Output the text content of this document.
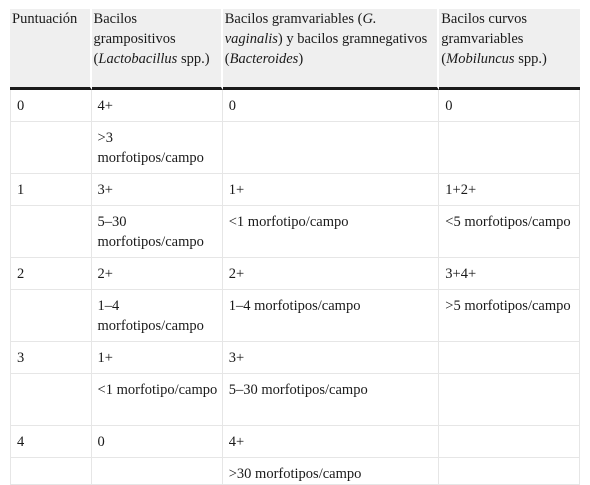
Puntuación	Bacilos grampositivos (Lactobacillus spp.)	Bacilos gramvariables (G. vaginalis) y bacilos gramnegativos (Bacteroides)	Bacilos curvos gramvariables (Mobiluncus spp.)
0	4+	0	0
	>3 morfotipos/campo		
1	3+	1+	1+2+
	5–30 morfotipos/campo	<1 morfotipo/campo	<5 morfotipos/campo
2	2+	2+	3+4+
	1–4 morfotipos/campo	1–4 morfotipos/campo	>5 morfotipos/campo
3	1+	3+	
	<1 morfotipo/campo	5–30 morfotipos/campo	
4	0	4+	
		>30 morfotipos/campo	
